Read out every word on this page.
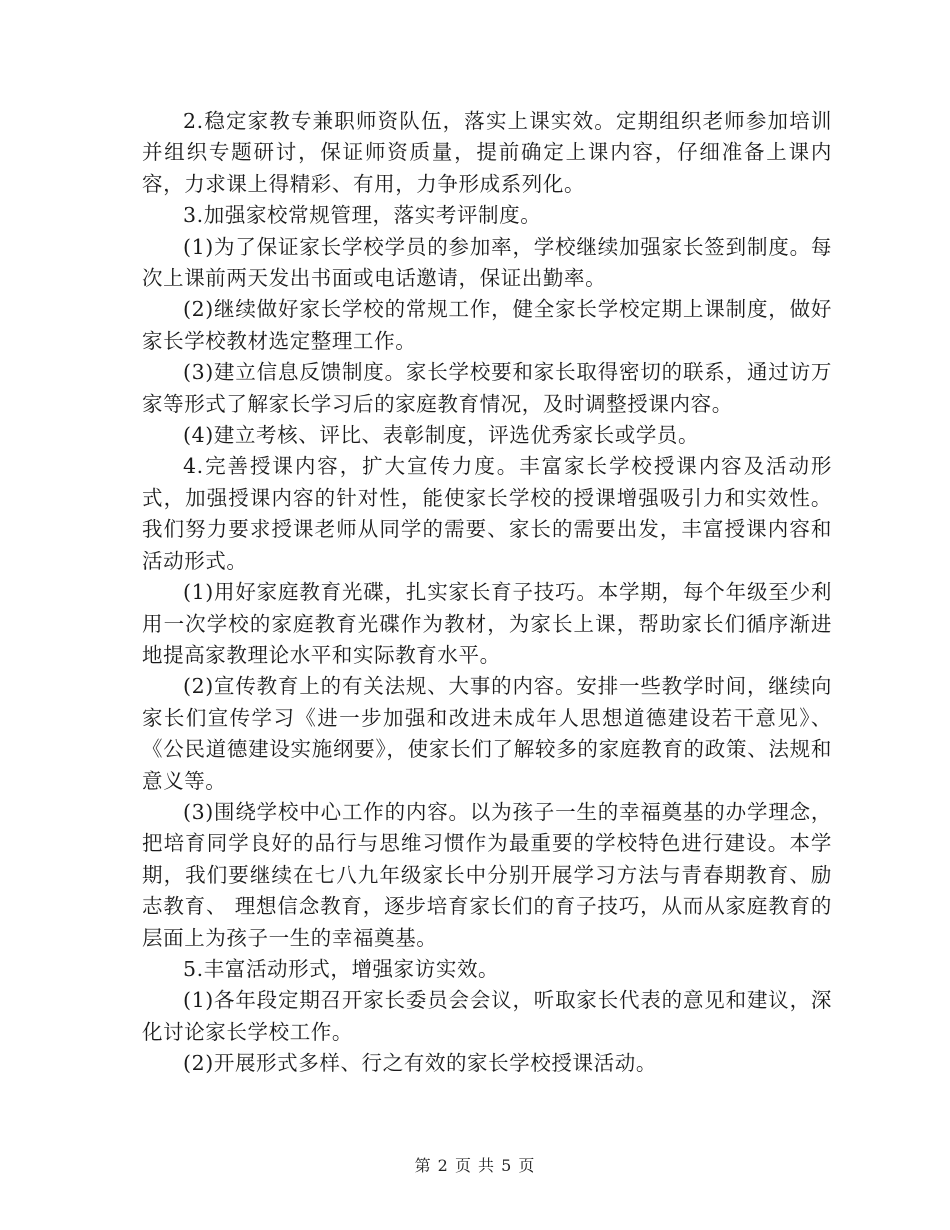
2.稳定家教专兼职师资队伍，落实上课实效。定期组织老师参加培训并组织专题研讨，保证师资质量，提前确定上课内容，仔细准备上课内容，力求课上得精彩、有用，力争形成系列化。

3.加强家校常规管理，落实考评制度。

(1)为了保证家长学校学员的参加率，学校继续加强家长签到制度。每次上课前两天发出书面或电话邀请，保证出勤率。

(2)继续做好家长学校的常规工作，健全家长学校定期上课制度，做好家长学校教材选定整理工作。

(3)建立信息反馈制度。家长学校要和家长取得密切的联系，通过访万家等形式了解家长学习后的家庭教育情况，及时调整授课内容。

(4)建立考核、评比、表彰制度，评选优秀家长或学员。

4.完善授课内容，扩大宣传力度。丰富家长学校授课内容及活动形式，加强授课内容的针对性，能使家长学校的授课增强吸引力和实效性。我们努力要求授课老师从同学的需要、家长的需要出发，丰富授课内容和活动形式。

(1)用好家庭教育光碟，扎实家长育子技巧。本学期，每个年级至少利用一次学校的家庭教育光碟作为教材，为家长上课，帮助家长们循序渐进地提高家教理论水平和实际教育水平。

(2)宣传教育上的有关法规、大事的内容。安排一些教学时间，继续向家长们宣传学习《进一步加强和改进未成年人思想道德建设若干意见》、《公民道德建设实施纲要》，使家长们了解较多的家庭教育的政策、法规和意义等。

(3)围绕学校中心工作的内容。以为孩子一生的幸福奠基的办学理念，把培育同学良好的品行与思维习惯作为最重要的学校特色进行建设。本学期，我们要继续在七八九年级家长中分别开展学习方法与青春期教育、励志教育、 理想信念教育，逐步培育家长们的育子技巧，从而从家庭教育的层面上为孩子一生的幸福奠基。

5.丰富活动形式，增强家访实效。

(1)各年段定期召开家长委员会会议，听取家长代表的意见和建议，深化讨论家长学校工作。

(2)开展形式多样、行之有效的家长学校授课活动。

第 2 页 共 5 页
